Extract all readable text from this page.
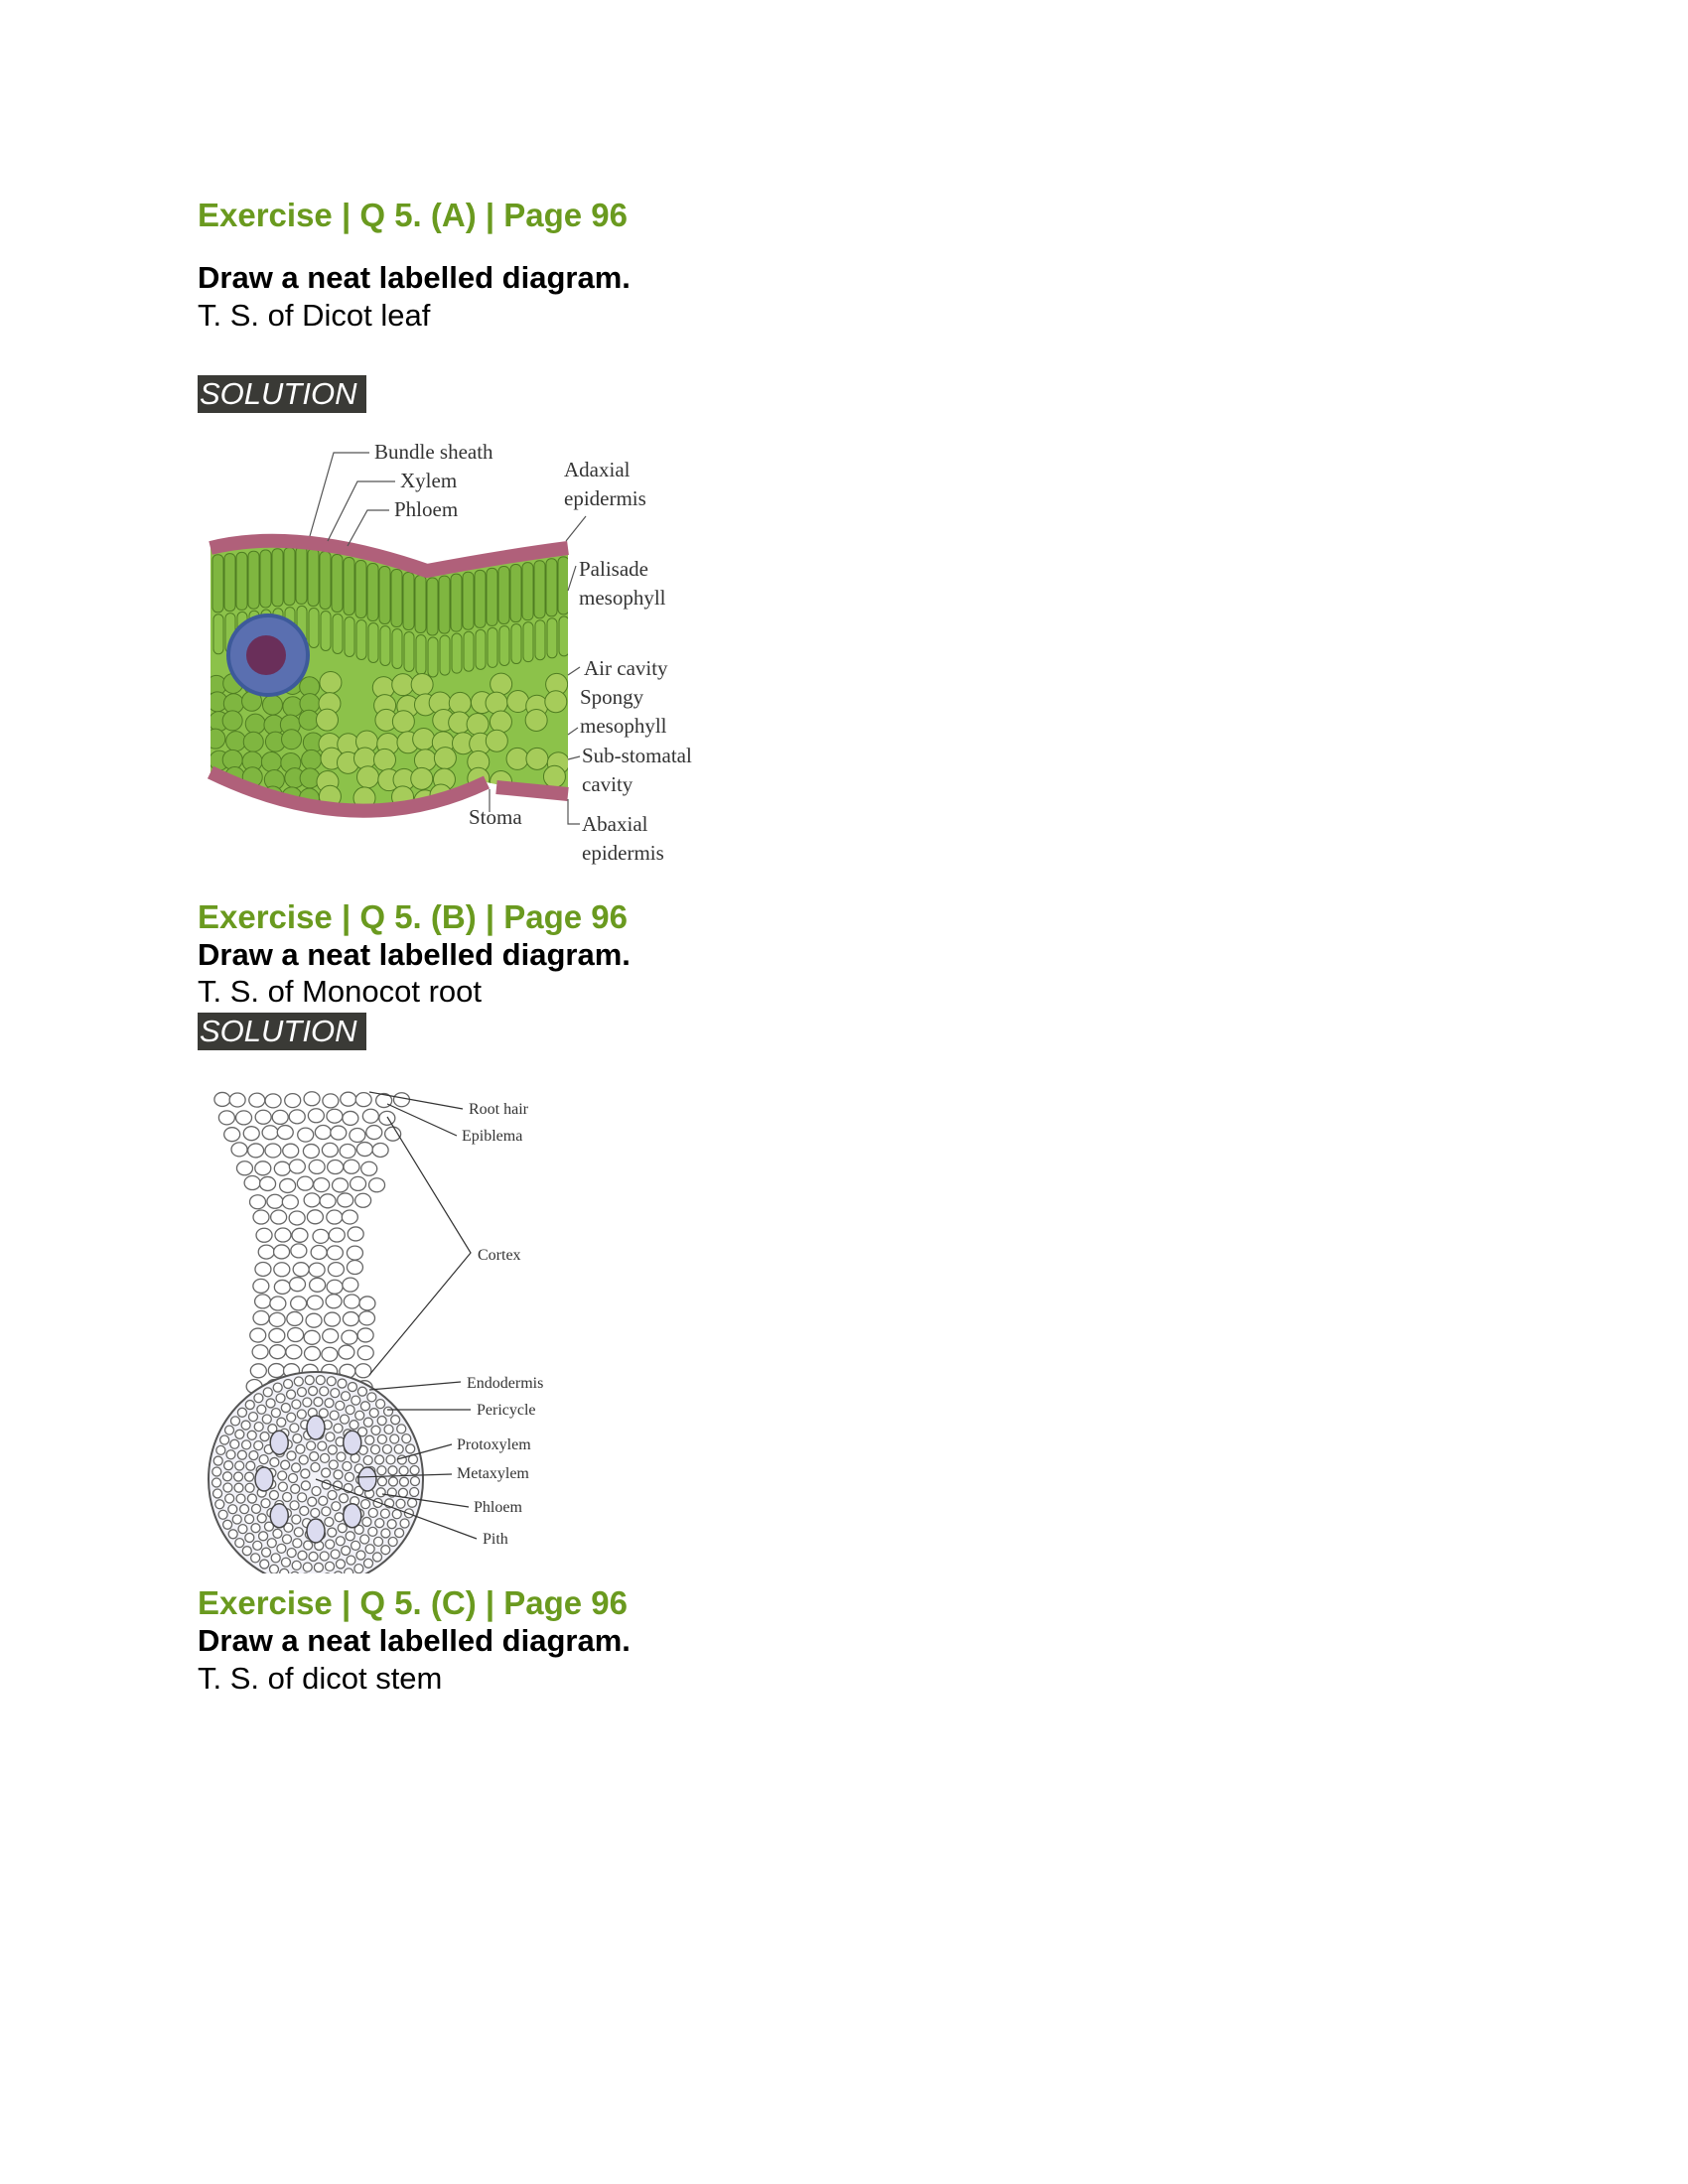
Exercise | Q 5. (A) | Page 96
Draw a neat labelled diagram.
T. S. of Dicot leaf
SOLUTION
Bundle sheath
Xylem
Phloem
Adaxial
epidermis
Palisade
mesophyll
Air cavity
Spongy
mesophyll
Sub-stomatal
cavity
Stoma	Abaxial
epidermis
Exercise | Q 5. (B) | Page 96
Draw a neat labelled diagram.
T. S. of Monocot root
SOLUTION
Root hair
Epiblema
Cortex
Endodermis
Pericycle
Protoxylem
Metaxylem
Phloem
Pith
Exercise | Q 5. (C) | Page 96
Draw a neat labelled diagram.
T. S. of dicot stem
